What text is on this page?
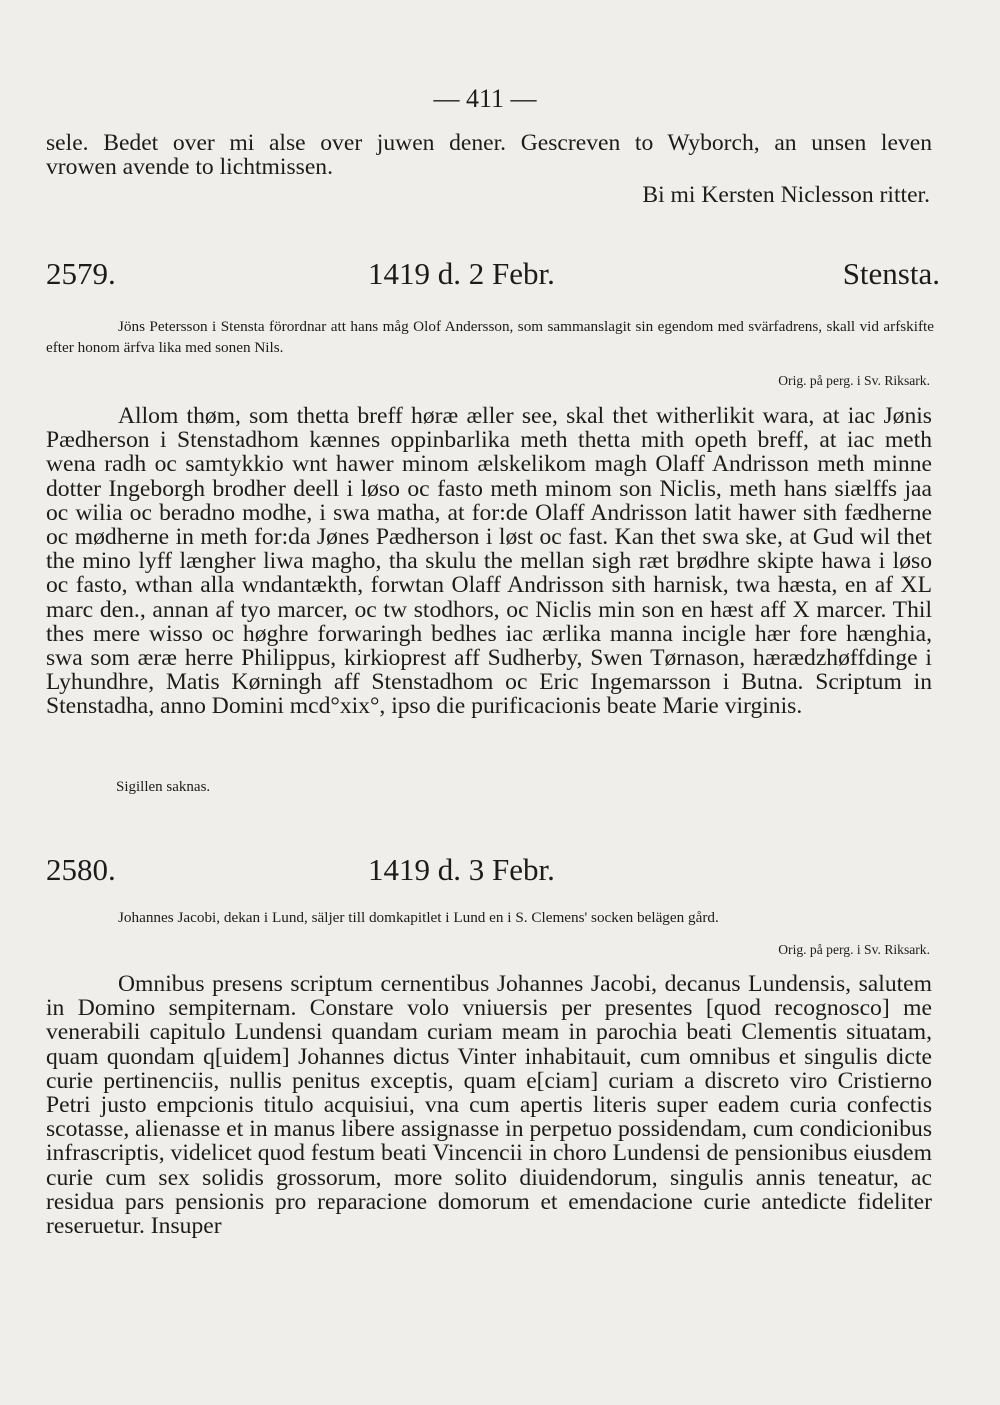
— 411 —
sele. Bedet over mi alse over juwen dener. Gescreven to Wyborch, an unsen leven
vrowen avende to lichtmissen.
Bi mi Kersten Niclesson ritter.
2579.	1419 d. 2 Febr.	Stensta.

Jöns Petersson i Stensta förordnar att hans måg Olof Andersson, som sammanslagit sin egendom med svärfadrens, skall vid arfskifte efter honom ärfva lika med sonen Nils.

Orig. på perg. i Sv. Riksark.

Allom thøm, som thetta breff høræ æller see, skal thet witherlikit wara, at iac Jønis Pædherson i Stenstadhom kænnes oppinbarlika meth thetta mith opeth breff, at iac meth wena radh oc samtykkio wnt hawer minom ælskelikom magh Olaff Andrisson meth minne dotter Ingeborgh brodher deell i løso oc fasto meth minom son Niclis, meth hans siælffs jaa oc wilia oc beradno modhe, i swa matha, at for:de Olaff Andrisson latit hawer sith fædherne oc mødherne in meth for:da Jønes Pædherson i løst oc fast. Kan thet swa ske, at Gud wil thet the mino lyff længher liwa magho, tha skulu the mellan sigh ræt brødhre skipte hawa i løso oc fasto, wthan alla wndantækth, forwtan Olaff Andrisson sith harnisk, twa hæsta, en af XL marc den., annan af tyo marcer, oc tw stodhors, oc Niclis min son en hæst aff X marcer. Thil thes mere wisso oc høghre forwaringh bedhes iac ærlika manna incigle hær fore hænghia, swa som æræ herre Philippus, kirkioprest aff Sudherby, Swen Tørnason, hærædzhøffdinge i Lyhundhre, Matis Kørningh aff Stenstadhom oc Eric Ingemarsson i Butna. Scriptum in Stenstadha, anno Domini mcd°xix°, ipso die purificacionis beate Marie virginis.

Sigillen saknas.
2580.	1419 d. 3 Febr.

Johannes Jacobi, dekan i Lund, säljer till domkapitlet i Lund en i S. Clemens' socken belägen gård.

Orig. på perg. i Sv. Riksark.

Omnibus presens scriptum cernentibus Johannes Jacobi, decanus Lundensis, salutem in Domino sempiternam. Constare volo vniuersis per presentes [quod recognosco] me venerabili capitulo Lundensi quandam curiam meam in parochia beati Clementis situatam, quam quondam q[uidem] Johannes dictus Vinter inhabitauit, cum omnibus et singulis dicte curie pertinenciis, nullis penitus exceptis, quam e[ciam] curiam a discreto viro Cristierno Petri justo empcionis titulo acquisiui, vna cum apertis literis super eadem curia confectis scotasse, alienasse et in manus libere assignasse in perpetuo possidendam, cum condicionibus infrascriptis, videlicet quod festum beati Vincencii in choro Lundensi de pensionibus eiusdem curie cum sex solidis grossorum, more solito diuidendorum, singulis annis teneatur, ac residua pars pensionis pro reparacione domorum et emendacione curie antedicte fideliter reseruetur. Insuper
